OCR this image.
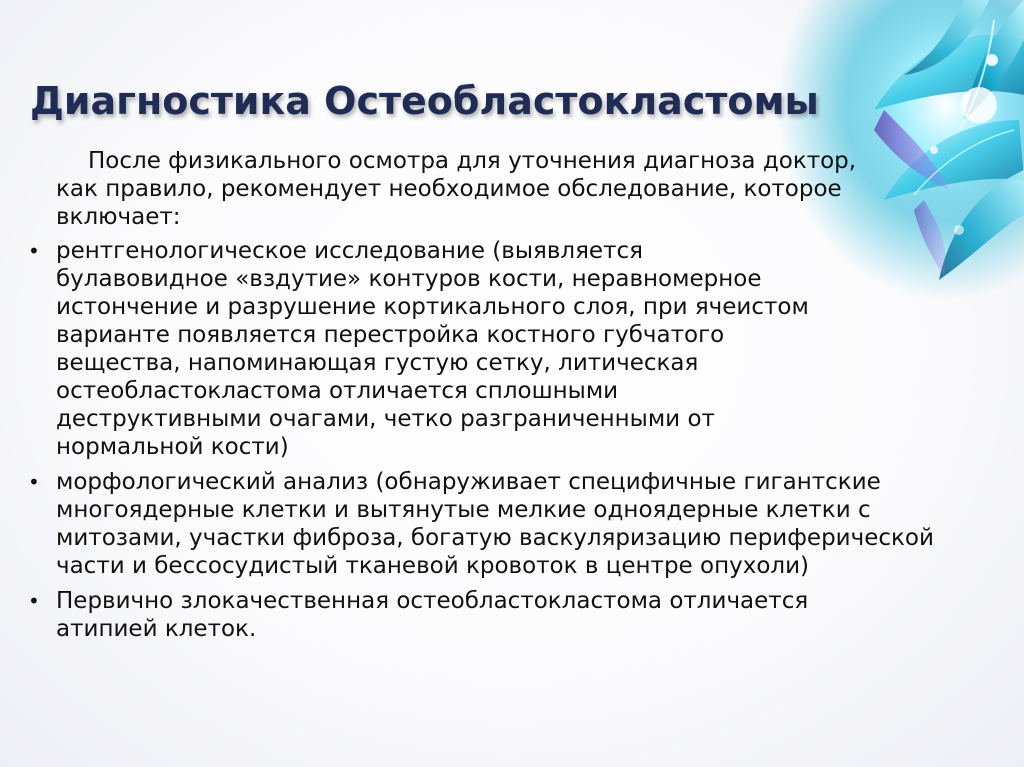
Диагностика Остеобластокластомы

После физикального осмотра для уточнения диагноза доктор, как правило, рекомендует необходимое обследование, которое включает:

• рентгенологическое исследование (выявляется булавовидное «вздутие» контуров кости, неравномерное истончение и разрушение кортикального слоя, при ячеистом варианте появляется перестройка костного губчатого вещества, напоминающая густую сетку, литическая остеобластокластома отличается сплошными деструктивными очагами, четко разграниченными от нормальной кости)
• морфологический анализ (обнаруживает специфичные гигантские многоядерные клетки и вытянутые мелкие одноядерные клетки с митозами, участки фиброза, богатую васкуляризацию периферической части и бессосудистый тканевой кровоток в центре опухоли)
• Первично злокачественная остеобластокластома отличается атипией клеток.
